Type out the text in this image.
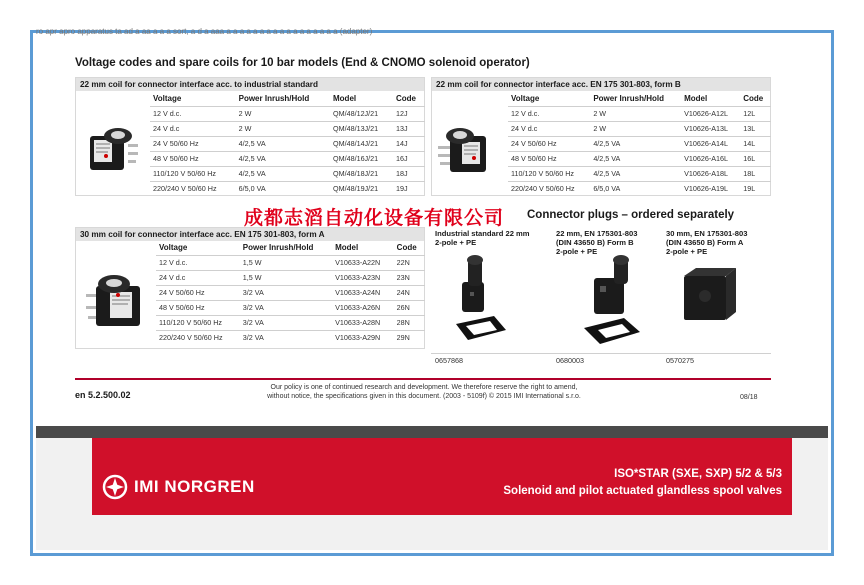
ro apr apro apparatus ta ad a aa a a a sort, a d a aaa a a a a a a a a a a a a a a a a a (adapter)
Voltage codes and spare coils for 10 bar models (End & CNOMO solenoid operator)
22 mm coil for connector interface acc. to industrial standard
Voltage	Power Inrush/Hold	Model	Code
12 V d.c.	2 W	QM/48/12J/21	12J
24 V d.c	2 W	QM/48/13J/21	13J
24 V 50/60 Hz	4/2,5 VA	QM/48/14J/21	14J
48 V 50/60 Hz	4/2,5 VA	QM/48/16J/21	16J
110/120 V 50/60 Hz	4/2,5 VA	QM/48/18J/21	18J
220/240 V 50/60 Hz	6/5,0 VA	QM/48/19J/21	19J
22 mm coil for connector interface acc. EN 175 301-803, form B
Voltage	Power Inrush/Hold	Model	Code
12 V d.c.	2 W	V10626-A12L	12L
24 V d.c	2 W	V10626-A13L	13L
24 V 50/60 Hz	4/2,5 VA	V10626-A14L	14L
48 V 50/60 Hz	4/2,5 VA	V10626-A16L	16L
110/120 V 50/60 Hz	4/2,5 VA	V10626-A18L	18L
220/240 V 50/60 Hz	6/5,0 VA	V10626-A19L	19L
30 mm coil for connector interface acc. EN 175 301-803, form A
Voltage	Power Inrush/Hold	Model	Code
12 V d.c.	1,5 W	V10633-A22N	22N
24 V d.c	1,5 W	V10633-A23N	23N
24 V 50/60 Hz	3/2 VA	V10633-A24N	24N
48 V 50/60 Hz	3/2 VA	V10633-A26N	26N
110/120 V 50/60 Hz	3/2 VA	V10633-A28N	28N
220/240 V 50/60 Hz	3/2 VA	V10633-A29N	29N
Connector plugs – ordered separately
Industrial standard 22 mm
2-pole + PE
22 mm, EN 175301-803
(DIN 43650 B) Form B
2-pole + PE
30 mm, EN 175301-803
(DIN 43650 B) Form A
2-pole + PE
0657868	0680003	0570275
成都志滔自动化设备有限公司
en 5.2.500.02
Our policy is one of continued research and development. We therefore reserve the right to amend,
without notice, the specifications given in this document. (2003 - 5109f) © 2015 IMI International s.r.o.	08/18
IMI NORGREN
ISO*STAR (SXE, SXP) 5/2 & 5/3
Solenoid and pilot actuated glandless spool valves
